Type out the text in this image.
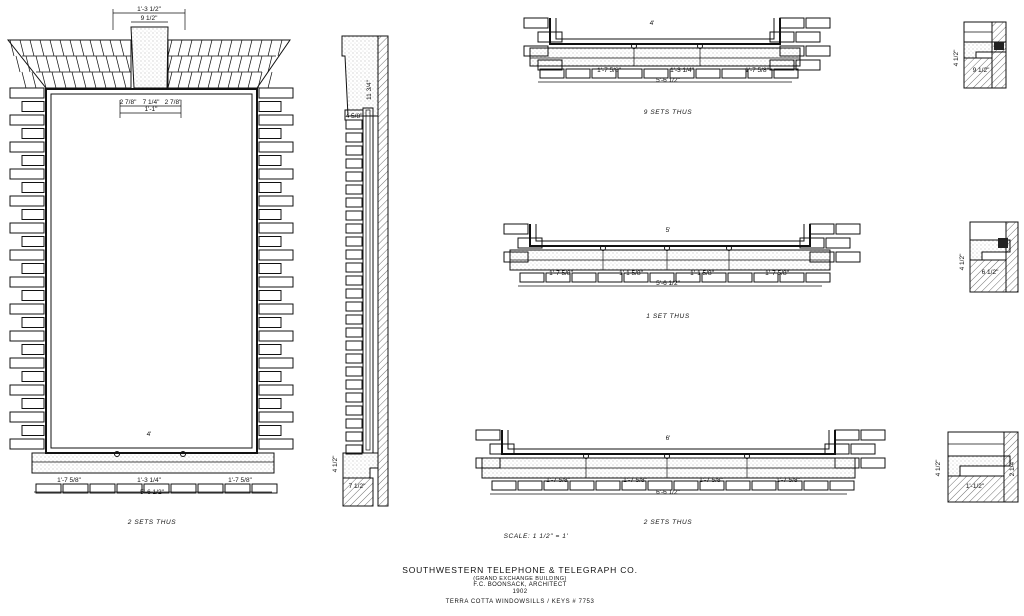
1'-3 1/2"
9 1/2"
2 7/8" 7 1/4" 2 7/8"
1'-1"
4'
1'-7 5/8"	1'-3 1/4"	1'-7 5/8"
5'-6 1/2"
2 SETS THUS
4 5/8"
11 3/4"
4 1/2"
7 1/2"
4'
1'-7 5/8"	1'-3 1/4"	1'-7 5/8"
5'-6 1/2"
9 SETS THUS
5'
1'-7 5/8"	1'-1 5/8"	1'-1 5/8"	1'-7 5/8"
5'-6 1/2"
1 SET THUS
6'
1'-7 5/8"	1'-7 5/8"	1'-7 5/8"	1'-7 5/8"
6'-6 1/2"
2 SETS THUS
SCALE: 1 1/2" = 1'
4 1/2"
9 1/2"
4 1/2"
6 1/2"
4 1/2"
1'-1/2"
2 1/4"
SOUTHWESTERN TELEPHONE & TELEGRAPH CO.
(GRAND EXCHANGE BUILDING)
F.C. BOONSACK, ARCHITECT
1902
TERRA COTTA WINDOWSILLS / KEYS # 7753
